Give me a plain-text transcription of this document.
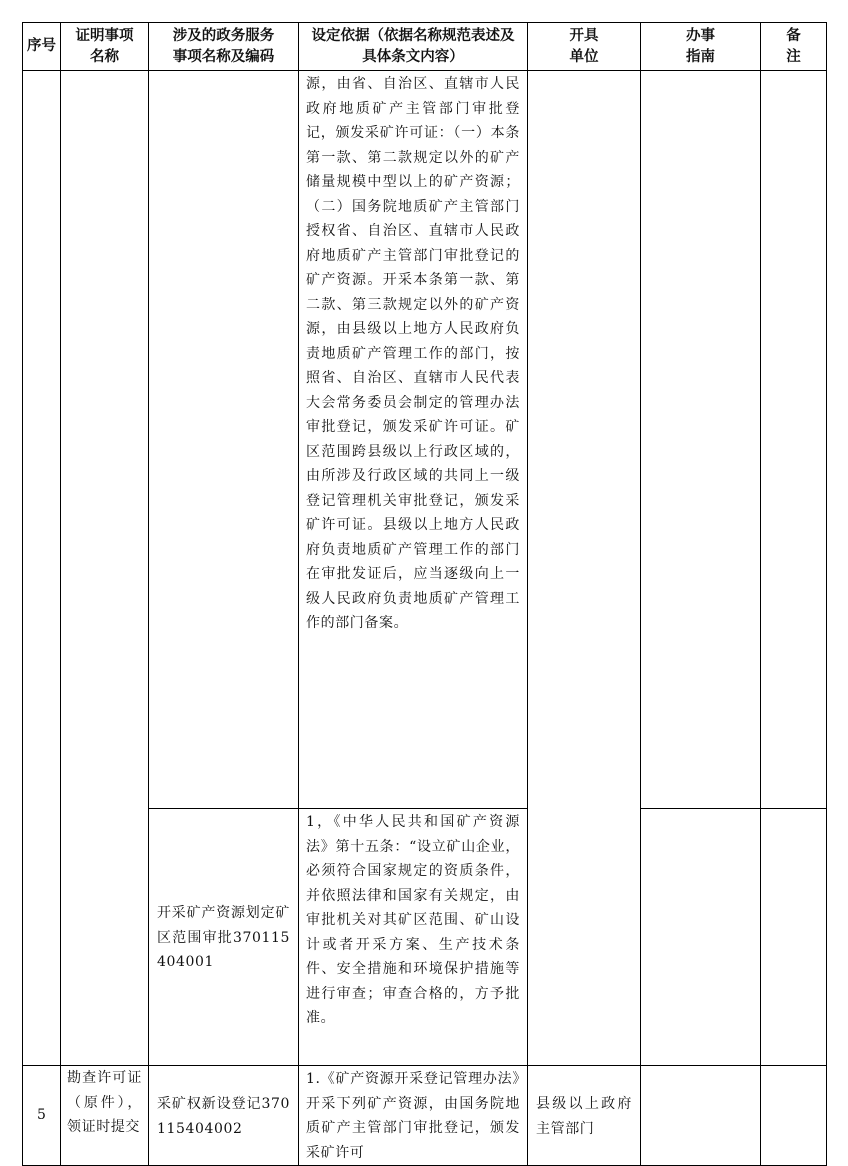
序号	证明事项名称	涉及的政务服务事项名称及编码	设定依据（依据名称规范表述及具体条文内容）	开具单位	办事指南	备注

			源，由省、自治区、直辖市人民政府地质矿产主管部门审批登记，颁发采矿许可证：（一）本条第一款、第二款规定以外的矿产储量规模中型以上的矿产资源；（二）国务院地质矿产主管部门授权省、自治区、直辖市人民政府地质矿产主管部门审批登记的矿产资源。开采本条第一款、第二款、第三款规定以外的矿产资源，由县级以上地方人民政府负责地质矿产管理工作的部门，按照省、自治区、直辖市人民代表大会常务委员会制定的管理办法审批登记，颁发采矿许可证。矿区范围跨县级以上行政区域的，由所涉及行政区域的共同上一级登记管理机关审批登记，颁发采矿许可证。县级以上地方人民政府负责地质矿产管理工作的部门在审批发证后，应当逐级向上一级人民政府负责地质矿产管理工作的部门备案。			

		开采矿产资源划定矿区范围审批370115404001	1，《中华人民共和国矿产资源法》第十五条：“设立矿山企业，必须符合国家规定的资质条件，并依照法律和国家有关规定，由审批机关对其矿区范围、矿山设计或者开采方案、生产技术条件、安全措施和环境保护措施等进行审查；审查合格的，方予批准。			

5	勘查许可证（原件），领证时提交	采矿权新设登记370115404002	1.《矿产资源开采登记管理办法》开采下列矿产资源，由国务院地质矿产主管部门审批登记，颁发采矿许可	县级以上政府主管部门		
